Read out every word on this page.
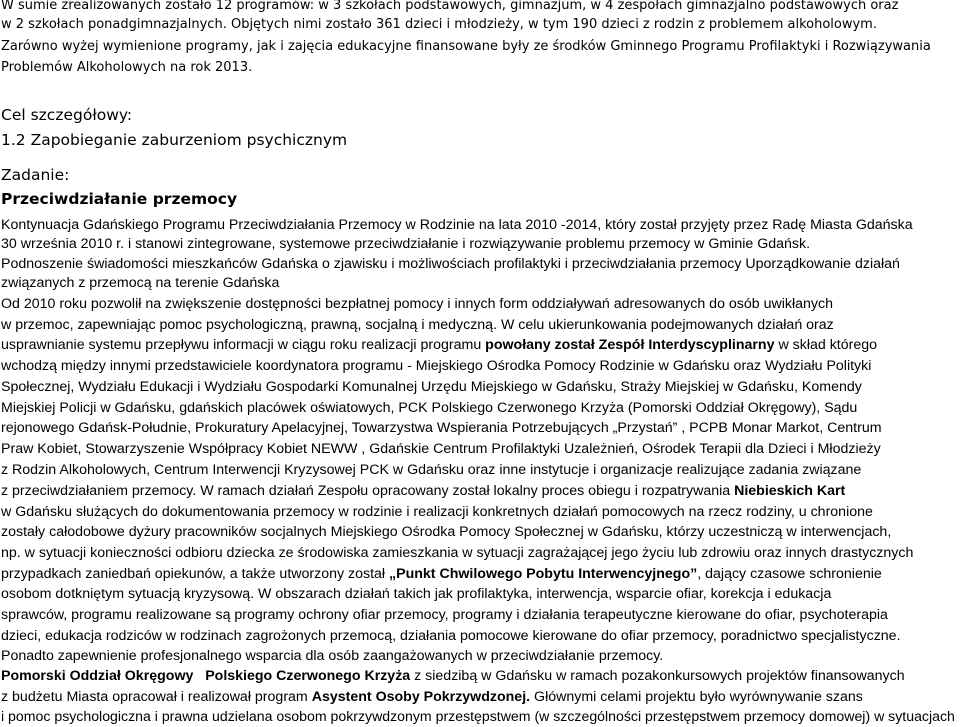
W sumie zrealizowanych zostało 12 programów: w 3 szkołach podstawowych, gimnazjum, w 4 zespołach gimnazjalno podstawowych oraz
w 2 szkołach ponadgimnazjalnych. Objętych nimi zostało 361 dzieci i młodzieży, w tym 190 dzieci z rodzin z problemem alkoholowym.
Zarówno wyżej wymienione programy, jak i zajęcia edukacyjne finansowane były ze środków Gminnego Programu Profilaktyki i Rozwiązywania
Problemów Alkoholowych na rok 2013.
Cel szczegółowy:
1.2 Zapobieganie zaburzeniom psychicznym
Zadanie:
Przeciwdziałanie przemocy
Kontynuacja Gdańskiego Programu Przeciwdziałania Przemocy w Rodzinie na lata 2010 -2014, który został przyjęty przez Radę Miasta Gdańska
30 września 2010 r. i stanowi zintegrowane, systemowe przeciwdziałanie i rozwiązywanie problemu przemocy w Gminie Gdańsk.
Podnoszenie świadomości mieszkańców Gdańska o zjawisku i możliwościach profilaktyki i przeciwdziałania przemocy Uporządkowanie działań
związanych z przemocą na terenie Gdańska
Od 2010 roku pozwolił na zwiększenie dostępności bezpłatnej pomocy i innych form oddziaływań adresowanych do osób uwikłanych
w przemoc, zapewniając pomoc psychologiczną, prawną, socjalną i medyczną. W celu ukierunkowania podejmowanych działań oraz
usprawnianie systemu przepływu informacji w ciągu roku realizacji programu powołany został Zespół Interdyscyplinarny w skład którego
wchodzą między innymi przedstawiciele koordynatora programu - Miejskiego Ośrodka Pomocy Rodzinie w Gdańsku oraz Wydziału Polityki
Społecznej, Wydziału Edukacji i Wydziału Gospodarki Komunalnej Urzędu Miejskiego w Gdańsku, Straży Miejskiej w Gdańsku, Komendy
Miejskiej Policji w Gdańsku, gdańskich placówek oświatowych, PCK Polskiego Czerwonego Krzyża (Pomorski Oddział Okręgowy), Sądu
rejonowego Gdańsk-Południe, Prokuratury Apelacyjnej, Towarzystwa Wspierania Potrzebujących „Przystań” , PCPB Monar Markot, Centrum
Praw Kobiet, Stowarzyszenie Współpracy Kobiet NEWW , Gdańskie Centrum Profilaktyki Uzależnień, Ośrodek Terapii dla Dzieci i Młodzieży
z Rodzin Alkoholowych, Centrum Interwencji Kryzysowej PCK w Gdańsku oraz inne instytucje i organizacje realizujące zadania związane
z przeciwdziałaniem przemocy. W ramach działań Zespołu opracowany został lokalny proces obiegu i rozpatrywania Niebieskich Kart
w Gdańsku służących do dokumentowania przemocy w rodzinie i realizacji konkretnych działań pomocowych na rzecz rodziny, u chronione
zostały całodobowe dyżury pracowników socjalnych Miejskiego Ośrodka Pomocy Społecznej w Gdańsku, którzy uczestniczą w interwencjach,
np. w sytuacji konieczności odbioru dziecka ze środowiska zamieszkania w sytuacji zagrażającej jego życiu lub zdrowiu oraz innych drastycznych
przypadkach zaniedbań opiekunów, a także utworzony został „Punkt Chwilowego Pobytu Interwencyjnego”, dający czasowe schronienie
osobom dotkniętym sytuacją kryzysową. W obszarach działań takich jak profilaktyka, interwencja, wsparcie ofiar, korekcja i edukacja
sprawców, programu realizowane są programy ochrony ofiar przemocy, programy i działania terapeutyczne kierowane do ofiar, psychoterapia
dzieci, edukacja rodziców w rodzinach zagrożonych przemocą, działania pomocowe kierowane do ofiar przemocy, poradnictwo specjalistyczne.
Ponadto zapewnienie profesjonalnego wsparcia dla osób zaangażowanych w przeciwdziałanie przemocy.
Pomorski Oddział Okręgowy Polskiego Czerwonego Krzyża z siedzibą w Gdańsku w ramach pozakonkursowych projektów finansowanych
z budżetu Miasta opracował i realizował program Asystent Osoby Pokrzywdzonej. Głównymi celami projektu było wyrównywanie szans
i pomoc psychologiczna i prawna udzielana osobom pokrzywdzonym przestępstwem (w szczególności przestępstwem przemocy domowej) w sytuacjach
